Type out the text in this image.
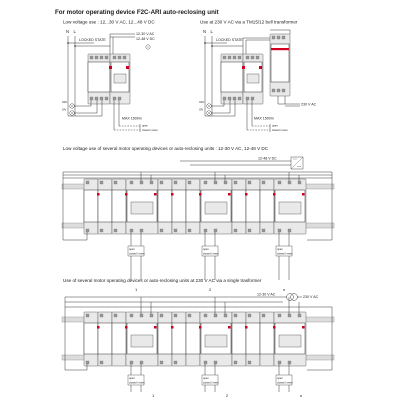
For motor operating device F2C-ARI auto-reclosing unit
Low voltage use : 12...30 V AC, 12...48 V DC
N L
LOCKED STATE
12-30 V AC
12-48 V DC
OFF
ON
MAX 1500m
open
closed / reset
Use at 230 V AC via a TM15/12 bell transformer
N L
LOCKED STATE
230 V AC
OFF
ON
MAX 1500m
open
closed / reset
Low voltage use of several motor operating devices or auto-reclosing units : 12-30 V AC, 12-48 V DC
12-48 V DC
open
closed / reset
1
open
closed / reset
2
open
closed / reset
n
Use of several motor operating devices or auto-reclosing units at 230 V AC via a single trasformer
12-30 V AC
230 V AC
open
closed / reset
1
open
closed / reset
2
open
closed / reset
n
